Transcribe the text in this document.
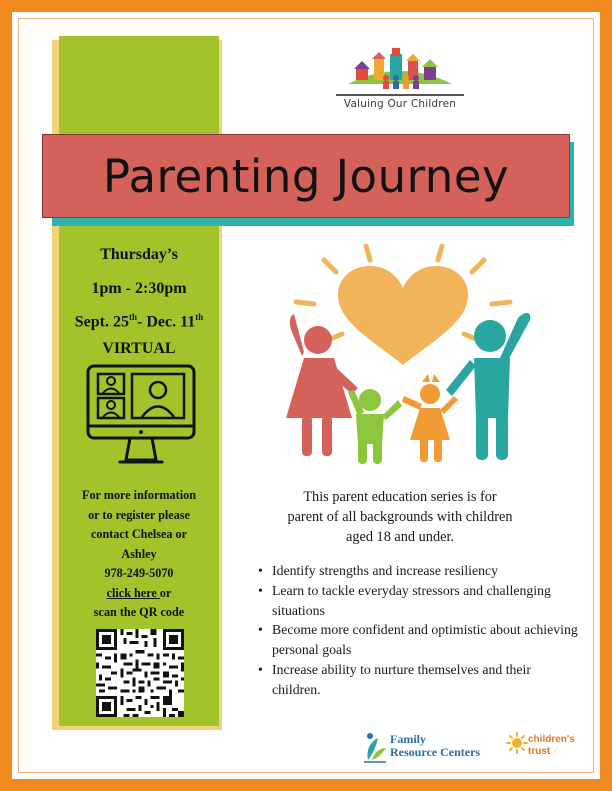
Valuing Our Children
Parenting Journey
Thursday’s
1pm - 2:30pm
Sept. 25th- Dec. 11th
VIRTUAL
For more information
or to register please
contact Chelsea or
Ashley
978-249-5070
click here or
scan the QR code
This parent education series is for
parent of all backgrounds with children
aged 18 and under.
• Identify strengths and increase resiliency
• Learn to tackle everyday stressors and challenging situations
• Become more confident and optimistic about achieving personal goals
• Increase ability to nurture themselves and their children.
Family
Resource Centers
children's
trust
